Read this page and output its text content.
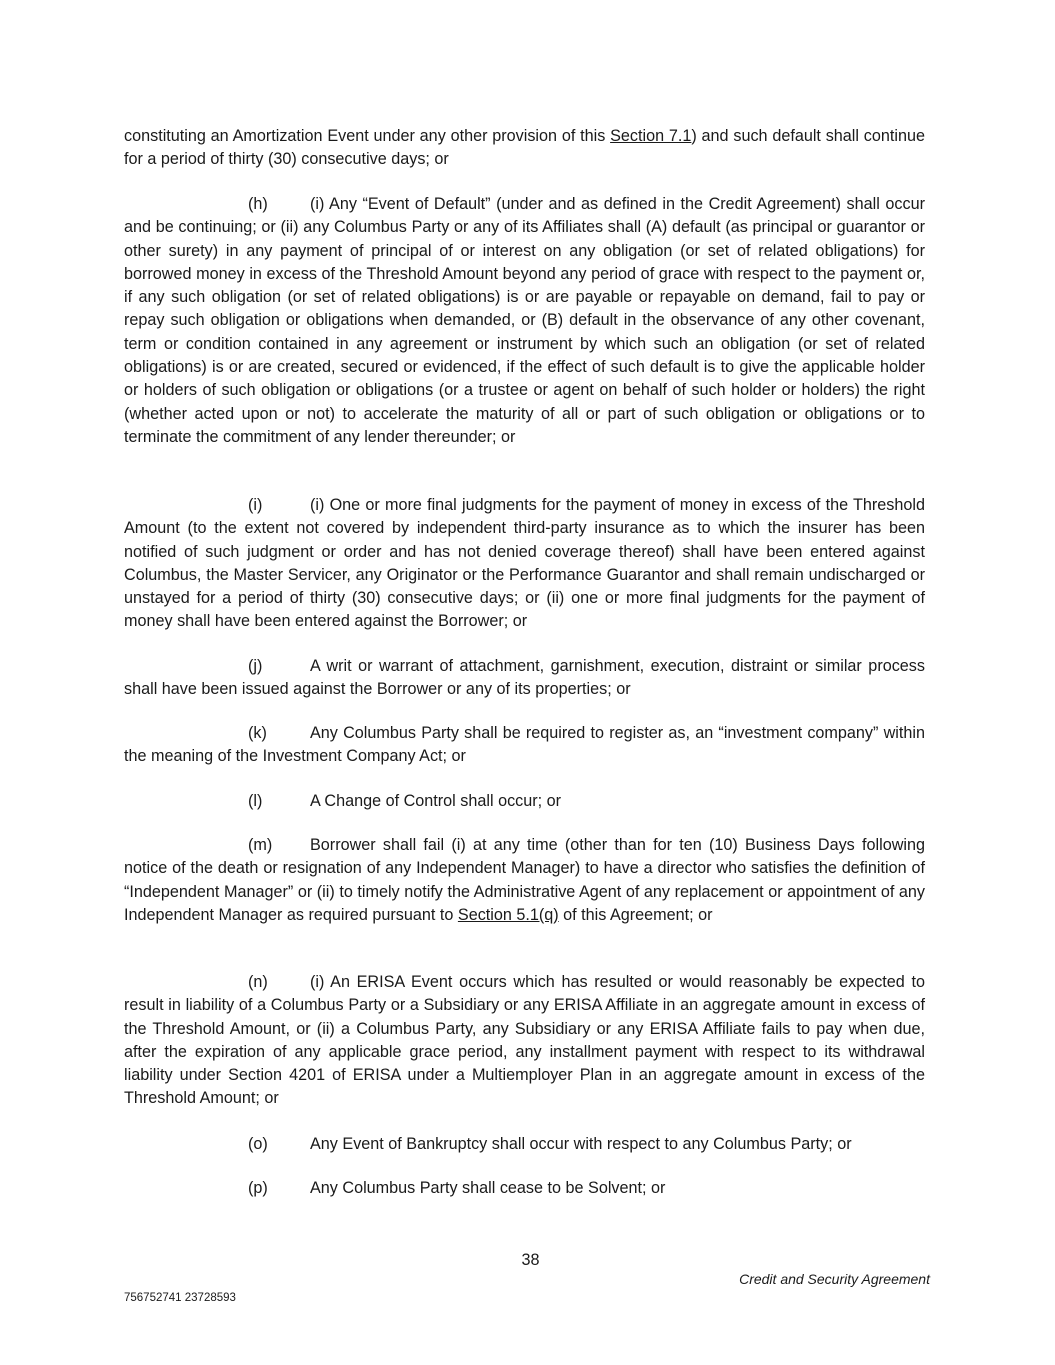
constituting an Amortization Event under any other provision of this Section 7.1) and such default shall continue for a period of thirty (30) consecutive days; or
(h)	(i) Any “Event of Default” (under and as defined in the Credit Agreement) shall occur and be continuing; or (ii) any Columbus Party or any of its Affiliates shall (A) default (as principal or guarantor or other surety) in any payment of principal of or interest on any obligation (or set of related obligations) for borrowed money in excess of the Threshold Amount beyond any period of grace with respect to the payment or, if any such obligation (or set of related obligations) is or are payable or repayable on demand, fail to pay or repay such obligation or obligations when demanded, or (B) default in the observance of any other covenant, term or condition contained in any agreement or instrument by which such an obligation (or set of related obligations) is or are created, secured or evidenced, if the effect of such default is to give the applicable holder or holders of such obligation or obligations (or a trustee or agent on behalf of such holder or holders) the right (whether acted upon or not) to accelerate the maturity of all or part of such obligation or obligations or to terminate the commitment of any lender thereunder; or
(i)	(i) One or more final judgments for the payment of money in excess of the Threshold Amount (to the extent not covered by independent third-party insurance as to which the insurer has been notified of such judgment or order and has not denied coverage thereof) shall have been entered against Columbus, the Master Servicer, any Originator or the Performance Guarantor and shall remain undischarged or unstayed for a period of thirty (30) consecutive days; or (ii) one or more final judgments for the payment of money shall have been entered against the Borrower; or
(j)	A writ or warrant of attachment, garnishment, execution, distraint or similar process shall have been issued against the Borrower or any of its properties; or
(k)	Any Columbus Party shall be required to register as, an “investment company” within the meaning of the Investment Company Act; or
(l)	A Change of Control shall occur; or
(m) Borrower shall fail (i) at any time (other than for ten (10) Business Days following notice of the death or resignation of any Independent Manager) to have a director who satisfies the definition of “Independent Manager” or (ii) to timely notify the Administrative Agent of any replacement or appointment of any Independent Manager as required pursuant to Section 5.1(q) of this Agreement; or
(n)	(i) An ERISA Event occurs which has resulted or would reasonably be expected to result in liability of a Columbus Party or a Subsidiary or any ERISA Affiliate in an aggregate amount in excess of the Threshold Amount, or (ii) a Columbus Party, any Subsidiary or any ERISA Affiliate fails to pay when due, after the expiration of any applicable grace period, any installment payment with respect to its withdrawal liability under Section 4201 of ERISA under a Multiemployer Plan in an aggregate amount in excess of the Threshold Amount; or
(o)	Any Event of Bankruptcy shall occur with respect to any Columbus Party; or
(p)	Any Columbus Party shall cease to be Solvent; or
38
Credit and Security Agreement
756752741 23728593
